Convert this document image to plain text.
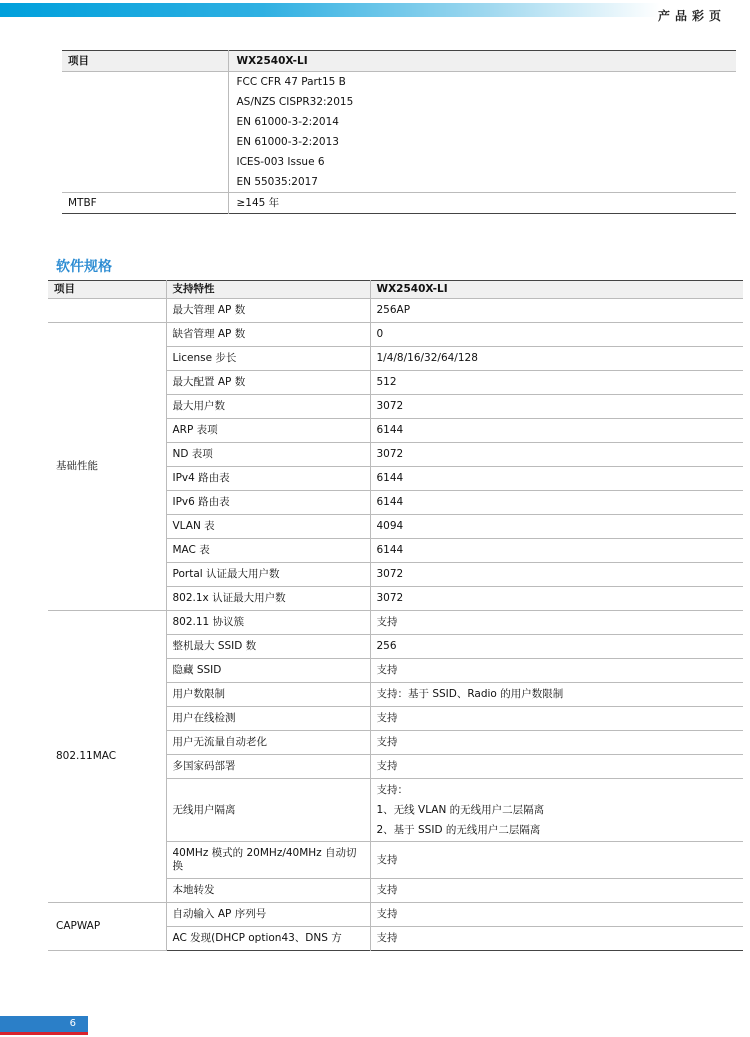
产品彩页
项目	WX2540X-LI
	FCC CFR 47 Part15 B
	AS/NZS CISPR32:2015
	EN 61000-3-2:2014
	EN 61000-3-2:2013
	ICES-003 Issue 6
	EN 55035:2017
MTBF	≥145 年
软件规格
项目	支持特性	WX2540X-LI
	最大管理 AP 数	256AP
基础性能	缺省管理 AP 数	0
	License 步长	1/4/8/16/32/64/128
	最大配置 AP 数	512
	最大用户数	3072
	ARP 表项	6144
	ND 表项	3072
	IPv4 路由表	6144
	IPv6 路由表	6144
	VLAN 表	4094
	MAC 表	6144
	Portal 认证最大用户数	3072
	802.1x 认证最大用户数	3072
802.11MAC	802.11 协议簇	支持
	整机最大 SSID 数	256
	隐藏 SSID	支持
	用户数限制	支持：基于 SSID、Radio 的用户数限制
	用户在线检测	支持
	用户无流量自动老化	支持
	多国家码部署	支持
	无线用户隔离	支持：
1、无线 VLAN 的无线用户二层隔离
2、基于 SSID 的无线用户二层隔离

	40MHz 模式的 20MHz/40MHz 自动切换	支持
	本地转发	支持
CAPWAP	自动输入 AP 序列号	支持
	AC 发现(DHCP option43、DNS 方	支持
6
